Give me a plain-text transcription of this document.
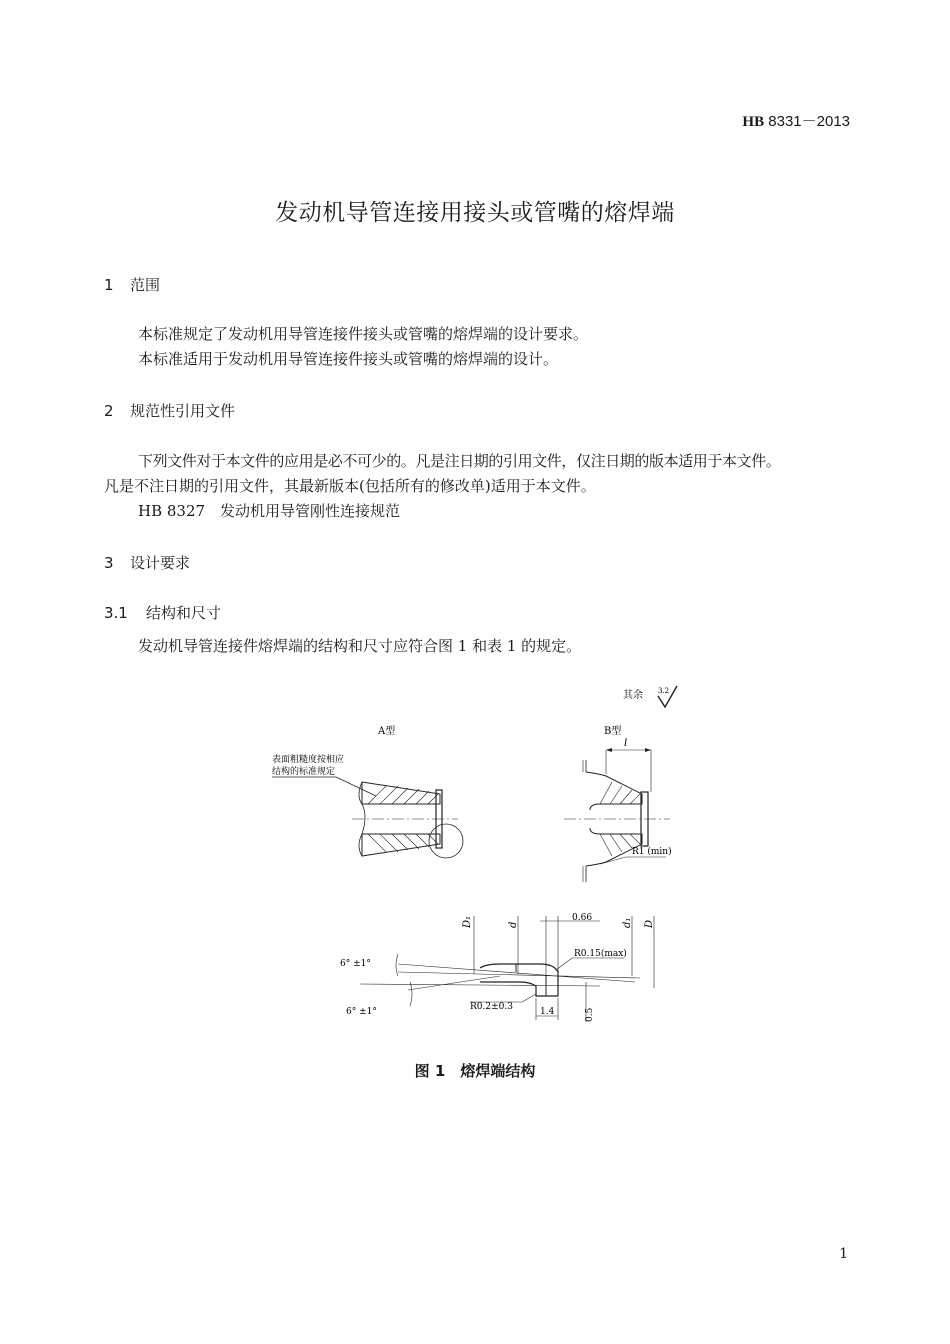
HB 8331－2013
发动机导管连接用接头或管嘴的熔焊端
1 范围
本标准规定了发动机用导管连接件接头或管嘴的熔焊端的设计要求。
本标准适用于发动机用导管连接件接头或管嘴的熔焊端的设计。
2 规范性引用文件
下列文件对于本文件的应用是必不可少的。凡是注日期的引用文件，仅注日期的版本适用于本文件。
凡是不注日期的引用文件，其最新版本(包括所有的修改单)适用于本文件。
HB 8327　发动机用导管刚性连接规范
3 设计要求
3.1 结构和尺寸
发动机导管连接件熔焊端的结构和尺寸应符合图 1 和表 1 的规定。
其余 3.2
A型	B型
表面粗糙度按相应
结构的标准规定
l
R1 (min)
D₁	d
0.66	d₁ D
6° ±1°
6° ±1°
R0.15(max)
R0.2±0.3	1.4	0.5
图 1　熔焊端结构
1
